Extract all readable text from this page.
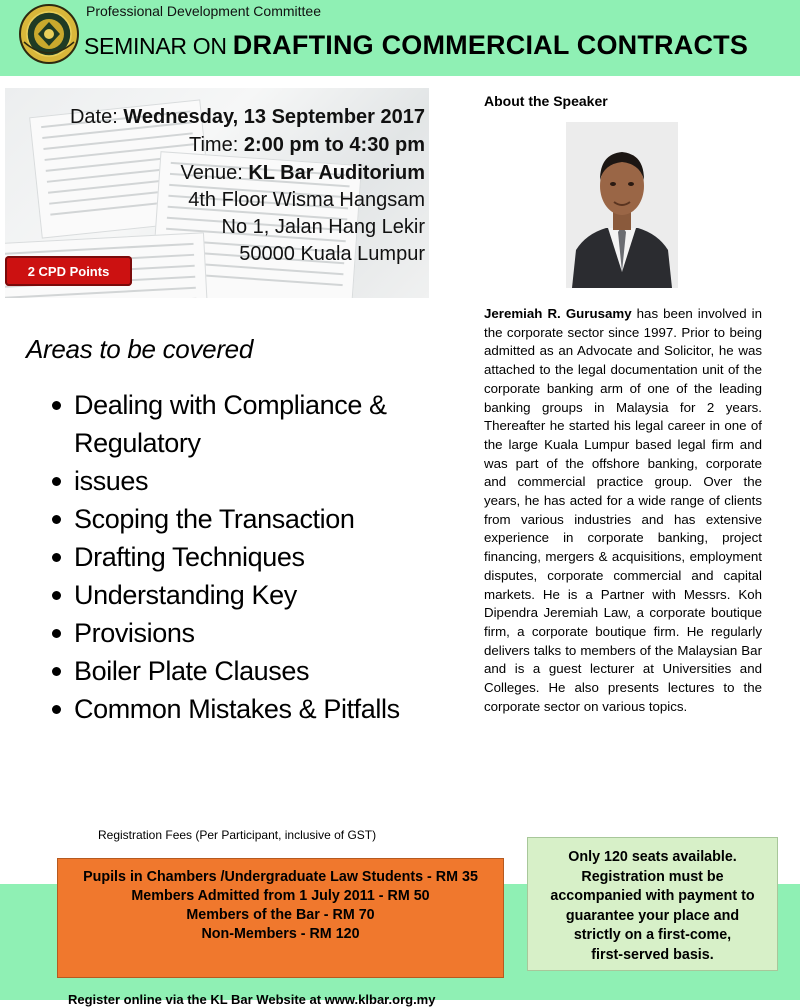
Professional Development Committee
SEMINAR ON DRAFTING COMMERCIAL CONTRACTS
Date: Wednesday, 13 September 2017
Time: 2:00 pm to 4:30 pm
Venue: KL Bar Auditorium
4th Floor Wisma Hangsam
No 1, Jalan Hang Lekir
50000 Kuala Lumpur
2 CPD Points
Areas to be covered
Dealing with Compliance & Regulatory
issues
Scoping the Transaction
Drafting Techniques
Understanding Key
Provisions
Boiler Plate Clauses
Common Mistakes & Pitfalls
About the Speaker
Jeremiah R. Gurusamy has been involved in the corporate sector since 1997. Prior to being admitted as an Advocate and Solicitor, he was attached to the legal documentation unit of the corporate banking arm of one of the leading banking groups in Malaysia for 2 years. Thereafter he started his legal career in one of the large Kuala Lumpur based legal firm and was part of the offshore banking, corporate and commercial practice group. Over the years, he has acted for a wide range of clients from various industries and has extensive experience in corporate banking, project financing, mergers & acquisitions, employment disputes, corporate commercial and capital markets. He is a Partner with Messrs. Koh Dipendra Jeremiah Law, a corporate boutique firm, a corporate boutique firm. He regularly delivers talks to members of the Malaysian Bar and is a guest lecturer at Universities and Colleges. He also presents lectures to the corporate sector on various topics.
Registration Fees (Per Participant, inclusive of GST)
Pupils in Chambers /Undergraduate Law Students - RM 35
Members Admitted from 1 July 2011 - RM 50
Members of the Bar - RM 70
Non-Members - RM 120
Only 120 seats available.
Registration must be
accompanied with payment to
guarantee your place and
strictly on a first-come,
first-served basis.
Register online via the KL Bar Website at www.klbar.org.my
